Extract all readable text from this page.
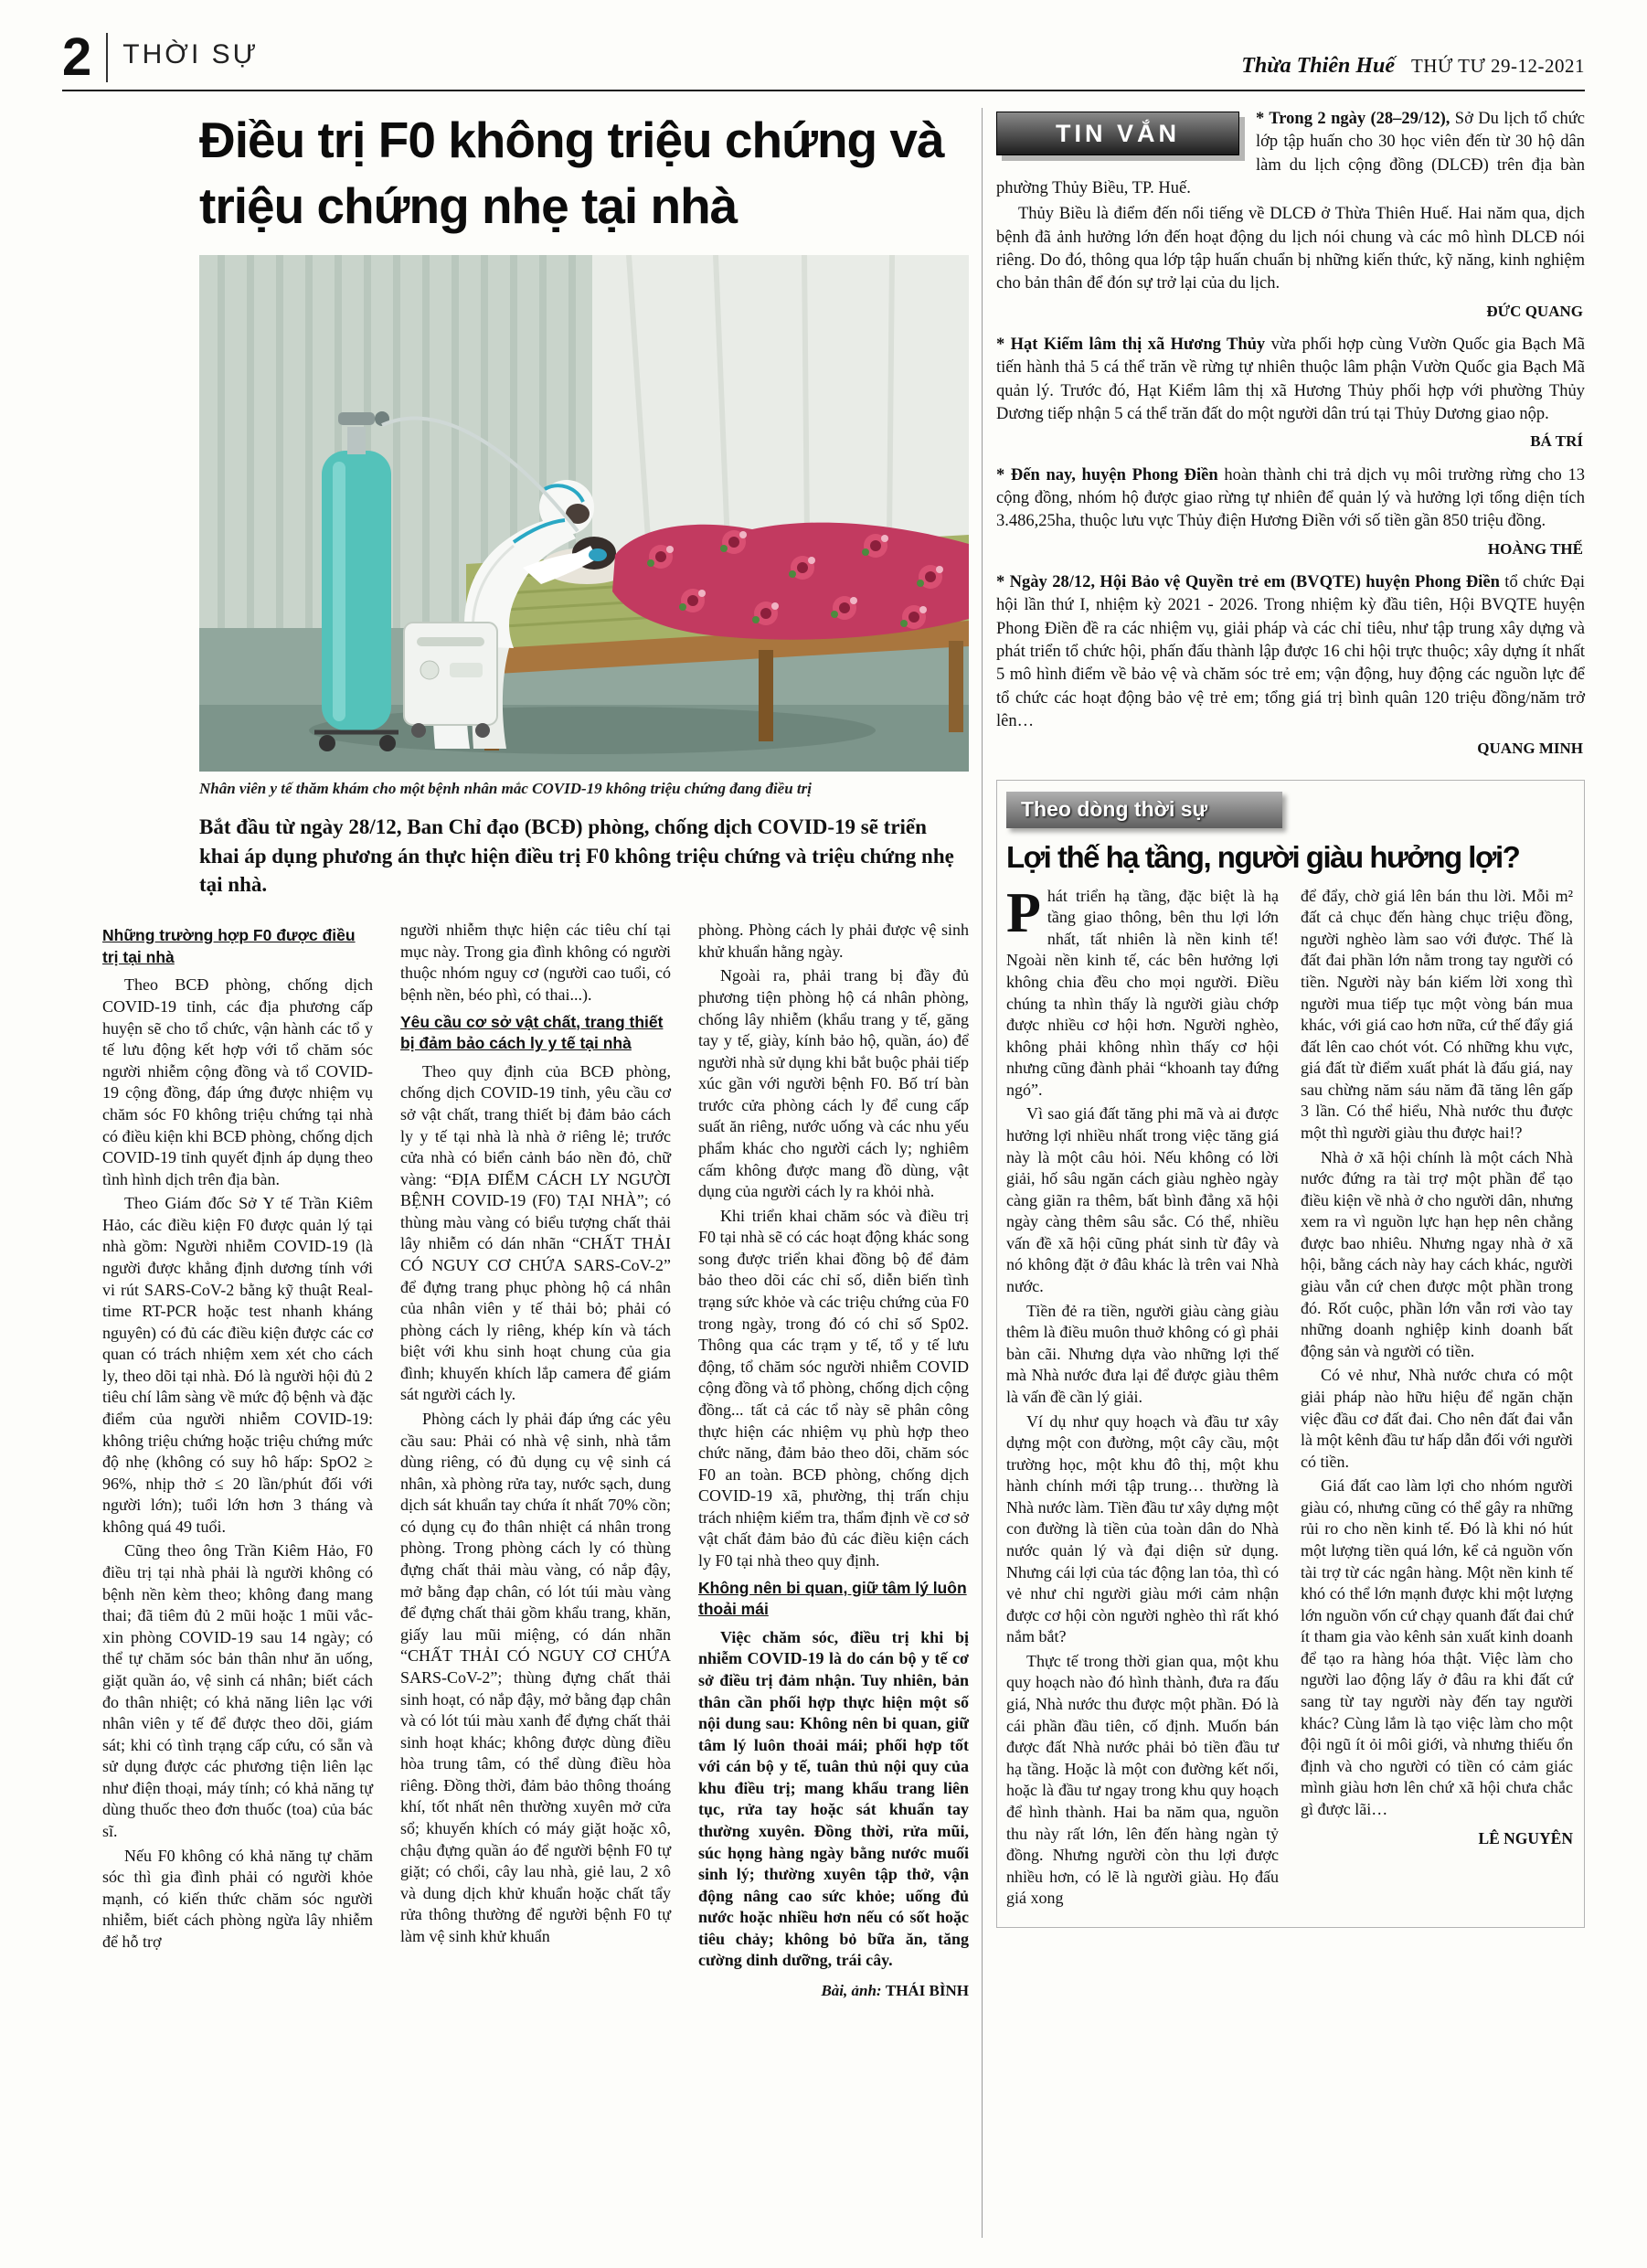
2 THỜI SỰ	Thừa Thiên Huế THỨ TƯ 29-12-2021
Điều trị F0 không triệu chứng và triệu chứng nhẹ tại nhà

Nhân viên y tế thăm khám cho một bệnh nhân mắc COVID-19 không triệu chứng đang điều trị

Bắt đầu từ ngày 28/12, Ban Chỉ đạo (BCĐ) phòng, chống dịch COVID-19 sẽ triển khai áp dụng phương án thực hiện điều trị F0 không triệu chứng và triệu chứng nhẹ tại nhà.

Những trường hợp F0 được điều trị tại nhà

Theo BCĐ phòng, chống dịch COVID-19 tỉnh, các địa phương cấp huyện sẽ cho tổ chức, vận hành các tổ y tế lưu động kết hợp với tổ chăm sóc người nhiễm cộng đồng và tổ COVID-19 cộng đồng, đáp ứng được nhiệm vụ chăm sóc F0 không triệu chứng tại nhà có điều kiện khi BCĐ phòng, chống dịch COVID-19 tỉnh quyết định áp dụng theo tình hình dịch trên địa bàn.

Theo Giám đốc Sở Y tế Trần Kiêm Hảo, các điều kiện F0 được quản lý tại nhà gồm: Người nhiễm COVID-19 (là người được khẳng định dương tính với vi rút SARS-CoV-2 bằng kỹ thuật Real-time RT-PCR hoặc test nhanh kháng nguyên) có đủ các điều kiện được các cơ quan có trách nhiệm xem xét cho cách ly, theo dõi tại nhà. Đó là người hội đủ 2 tiêu chí lâm sàng về mức độ bệnh và đặc điểm của người nhiễm COVID-19: không triệu chứng hoặc triệu chứng mức độ nhẹ (không có suy hô hấp: SpO2 ≥ 96%, nhịp thở ≤ 20 lần/phút đối với người lớn); tuổi lớn hơn 3 tháng và không quá 49 tuổi.

Cũng theo ông Trần Kiêm Hảo, F0 điều trị tại nhà phải là người không có bệnh nền kèm theo; không đang mang thai; đã tiêm đủ 2 mũi hoặc 1 mũi vắc-xin phòng COVID-19 sau 14 ngày; có thể tự chăm sóc bản thân như ăn uống, giặt quần áo, vệ sinh cá nhân; biết cách đo thân nhiệt; có khả năng liên lạc với nhân viên y tế để được theo dõi, giám sát; khi có tình trạng cấp cứu, có sẵn và sử dụng được các phương tiện liên lạc như điện thoại, máy tính; có khả năng tự dùng thuốc theo đơn thuốc (toa) của bác sĩ.

Nếu F0 không có khả năng tự chăm sóc thì gia đình phải có người khỏe mạnh, có kiến thức chăm sóc người nhiễm, biết cách phòng ngừa lây nhiễm để hỗ trợ

người nhiễm thực hiện các tiêu chí tại mục này. Trong gia đình không có người thuộc nhóm nguy cơ (người cao tuổi, có bệnh nền, béo phì, có thai...).

Yêu cầu cơ sở vật chất, trang thiết bị đảm bảo cách ly y tế tại nhà

Theo quy định của BCĐ phòng, chống dịch COVID-19 tỉnh, yêu cầu cơ sở vật chất, trang thiết bị đảm bảo cách ly y tế tại nhà là nhà ở riêng lẻ; trước cửa nhà có biển cảnh báo nền đỏ, chữ vàng: “ĐỊA ĐIỂM CÁCH LY NGƯỜI BỆNH COVID-19 (F0) TẠI NHÀ”; có thùng màu vàng có biểu tượng chất thải lây nhiễm có dán nhãn “CHẤT THẢI CÓ NGUY CƠ CHỨA SARS-CoV-2” để đựng trang phục phòng hộ cá nhân của nhân viên y tế thải bỏ; phải có phòng cách ly riêng, khép kín và tách biệt với khu sinh hoạt chung của gia đình; khuyến khích lắp camera để giám sát người cách ly.

Phòng cách ly phải đáp ứng các yêu cầu sau: Phải có nhà vệ sinh, nhà tắm dùng riêng, có đủ dụng cụ vệ sinh cá nhân, xà phòng rửa tay, nước sạch, dung dịch sát khuẩn tay chứa ít nhất 70% cồn; có dụng cụ đo thân nhiệt cá nhân trong phòng. Trong phòng cách ly có thùng đựng chất thải màu vàng, có nắp đậy, mở bằng đạp chân, có lót túi màu vàng để đựng chất thải gồm khẩu trang, khăn, giấy lau mũi miệng, có dán nhãn “CHẤT THẢI CÓ NGUY CƠ CHỨA SARS-CoV-2”; thùng đựng chất thải sinh hoạt, có nắp đậy, mở bằng đạp chân và có lót túi màu xanh để đựng chất thải sinh hoạt khác; không được dùng điều hòa trung tâm, có thể dùng điều hòa riêng. Đồng thời, đảm bảo thông thoáng khí, tốt nhất nên thường xuyên mở cửa sổ; khuyến khích có máy giặt hoặc xô, chậu đựng quần áo để người bệnh F0 tự giặt; có chổi, cây lau nhà, giẻ lau, 2 xô và dung dịch khử khuẩn hoặc chất tẩy rửa thông thường để người bệnh F0 tự làm vệ sinh khử khuẩn

phòng. Phòng cách ly phải được vệ sinh khử khuẩn hằng ngày.

Ngoài ra, phải trang bị đầy đủ phương tiện phòng hộ cá nhân phòng, chống lây nhiễm (khẩu trang y tế, găng tay y tế, giày, kính bảo hộ, quần, áo) để người nhà sử dụng khi bắt buộc phải tiếp xúc gần với người bệnh F0. Bố trí bàn trước cửa phòng cách ly để cung cấp suất ăn riêng, nước uống và các nhu yếu phẩm khác cho người cách ly; nghiêm cấm không được mang đồ dùng, vật dụng của người cách ly ra khỏi nhà.

Khi triển khai chăm sóc và điều trị F0 tại nhà sẽ có các hoạt động khác song song được triển khai đồng bộ để đảm bảo theo dõi các chỉ số, diễn biến tình trạng sức khỏe và các triệu chứng của F0 trong ngày, trong đó có chỉ số Sp02. Thông qua các trạm y tế, tổ y tế lưu động, tổ chăm sóc người nhiễm COVID cộng đồng và tổ phòng, chống dịch cộng đồng... tất cả các tổ này sẽ phân công thực hiện các nhiệm vụ phù hợp theo chức năng, đảm bảo theo dõi, chăm sóc F0 an toàn. BCĐ phòng, chống dịch COVID-19 xã, phường, thị trấn chịu trách nhiệm kiểm tra, thẩm định về cơ sở vật chất đảm bảo đủ các điều kiện cách ly F0 tại nhà theo quy định.

Không nên bi quan, giữ tâm lý luôn thoải mái

Việc chăm sóc, điều trị khi bị nhiễm COVID-19 là do cán bộ y tế cơ sở điều trị đảm nhận. Tuy nhiên, bản thân cần phối hợp thực hiện một số nội dung sau: Không nên bi quan, giữ tâm lý luôn thoải mái; phối hợp tốt với cán bộ y tế, tuân thủ nội quy của khu điều trị; mang khẩu trang liên tục, rửa tay hoặc sát khuẩn tay thường xuyên. Đồng thời, rửa mũi, súc họng hàng ngày bằng nước muối sinh lý; thường xuyên tập thở, vận động nâng cao sức khỏe; uống đủ nước hoặc nhiều hơn nếu có sốt hoặc tiêu chảy; không bỏ bữa ăn, tăng cường dinh dưỡng, trái cây.

Bài, ảnh: THÁI BÌNH

TIN VẮN

* Trong 2 ngày (28–29/12), Sở Du lịch tổ chức lớp tập huấn cho 30 học viên đến từ 30 hộ dân làm du lịch cộng đồng (DLCĐ) trên địa bàn phường Thủy Biều, TP. Huế.

Thủy Biều là điểm đến nổi tiếng về DLCĐ ở Thừa Thiên Huế. Hai năm qua, dịch bệnh đã ảnh hưởng lớn đến hoạt động du lịch nói chung và các mô hình DLCĐ nói riêng. Do đó, thông qua lớp tập huấn chuẩn bị những kiến thức, kỹ năng, kinh nghiệm cho bản thân để đón sự trở lại của du lịch.

ĐỨC QUANG

* Hạt Kiểm lâm thị xã Hương Thủy vừa phối hợp cùng Vườn Quốc gia Bạch Mã tiến hành thả 5 cá thể trăn về rừng tự nhiên thuộc lâm phận Vườn Quốc gia Bạch Mã quản lý. Trước đó, Hạt Kiểm lâm thị xã Hương Thủy phối hợp với phường Thủy Dương tiếp nhận 5 cá thể trăn đất do một người dân trú tại Thủy Dương giao nộp.

BÁ TRÍ

* Đến nay, huyện Phong Điền hoàn thành chi trả dịch vụ môi trường rừng cho 13 cộng đồng, nhóm hộ được giao rừng tự nhiên để quản lý và hưởng lợi tổng diện tích 3.486,25ha, thuộc lưu vực Thủy điện Hương Điền với số tiền gần 850 triệu đồng.

HOÀNG THẾ

* Ngày 28/12, Hội Bảo vệ Quyền trẻ em (BVQTE) huyện Phong Điền tổ chức Đại hội lần thứ I, nhiệm kỳ 2021 - 2026. Trong nhiệm kỳ đầu tiên, Hội BVQTE huyện Phong Điền đề ra các nhiệm vụ, giải pháp và các chỉ tiêu, như tập trung xây dựng và phát triển tổ chức hội, phấn đấu thành lập được 16 chi hội trực thuộc; xây dựng ít nhất 5 mô hình điểm về bảo vệ và chăm sóc trẻ em; vận động, huy động các nguồn lực để tổ chức các hoạt động bảo vệ trẻ em; tổng giá trị bình quân 120 triệu đồng/năm trở lên…

QUANG MINH
Theo dòng thời sự
Lợi thế hạ tầng, người giàu hưởng lợi?

Phát triển hạ tầng, đặc biệt là hạ tầng giao thông, bên thu lợi lớn nhất, tất nhiên là nền kinh tế! Ngoài nền kinh tế, các bên hưởng lợi không chia đều cho mọi người. Điều chúng ta nhìn thấy là người giàu chớp được nhiều cơ hội hơn. Người nghèo, không phải không nhìn thấy cơ hội nhưng cũng đành phải “khoanh tay đứng ngó”.

Vì sao giá đất tăng phi mã và ai được hưởng lợi nhiều nhất trong việc tăng giá này là một câu hỏi. Nếu không có lời giải, hố sâu ngăn cách giàu nghèo ngày càng giãn ra thêm, bất bình đẳng xã hội ngày càng thêm sâu sắc. Có thể, nhiều vấn đề xã hội cũng phát sinh từ đây và nó không đặt ở đâu khác là trên vai Nhà nước.

Tiền đẻ ra tiền, người giàu càng giàu thêm là điều muôn thuở không có gì phải bàn cãi. Nhưng dựa vào những lợi thế mà Nhà nước đưa lại để được giàu thêm là vấn đề cần lý giải.

Ví dụ như quy hoạch và đầu tư xây dựng một con đường, một cây cầu, một trường học, một khu đô thị, một khu hành chính mới tập trung… thường là Nhà nước làm. Tiền đầu tư xây dựng một con đường là tiền của toàn dân do Nhà nước quản lý và đại diện sử dụng. Nhưng cái lợi của tác động lan tỏa, thì có vẻ như chỉ người giàu mới cảm nhận được cơ hội còn người nghèo thì rất khó nắm bắt?

Thực tế trong thời gian qua, một khu quy hoạch nào đó hình thành, đưa ra đấu giá, Nhà nước thu được một phần. Đó là cái phần đầu tiên, cố định. Muốn bán được đất Nhà nước phải bỏ tiền đầu tư hạ tầng. Hoặc là một con đường kết nối, hoặc là đầu tư ngay trong khu quy hoạch để hình thành. Hai ba năm qua, nguồn thu này rất lớn, lên đến hàng ngàn tỷ đồng. Nhưng người còn thu lợi được nhiều hơn, có lẽ là người giàu. Họ đấu giá xong

để đẩy, chờ giá lên bán thu lời. Mỗi m² đất cả chục đến hàng chục triệu đồng, người nghèo làm sao với được. Thế là đất đai phần lớn nằm trong tay người có tiền. Người này bán kiếm lời xong thì người mua tiếp tục một vòng bán mua khác, với giá cao hơn nữa, cứ thế đẩy giá đất lên cao chót vót. Có những khu vực, giá đất từ điểm xuất phát là đấu giá, nay sau chừng năm sáu năm đã tăng lên gấp 3 lần. Có thể hiểu, Nhà nước thu được một thì người giàu thu được hai!?

Nhà ở xã hội chính là một cách Nhà nước đứng ra tài trợ một phần để tạo điều kiện về nhà ở cho người dân, nhưng xem ra vì nguồn lực hạn hẹp nên chẳng được bao nhiêu. Nhưng ngay nhà ở xã hội, bằng cách này hay cách khác, người giàu vẫn cứ chen được một phần trong đó. Rốt cuộc, phần lớn vẫn rơi vào tay những doanh nghiệp kinh doanh bất động sản và người có tiền.

Có vẻ như, Nhà nước chưa có một giải pháp nào hữu hiệu để ngăn chặn việc đầu cơ đất đai. Cho nên đất đai vẫn là một kênh đầu tư hấp dẫn đối với người có tiền.

Giá đất cao làm lợi cho nhóm người giàu có, nhưng cũng có thể gây ra những rủi ro cho nền kinh tế. Đó là khi nó hút một lượng tiền quá lớn, kể cả nguồn vốn tài trợ từ các ngân hàng. Một nền kinh tế khó có thể lớn mạnh được khi một lượng lớn nguồn vốn cứ chạy quanh đất đai chứ ít tham gia vào kênh sản xuất kinh doanh để tạo ra hàng hóa thật. Việc làm cho người lao động lấy ở đâu ra khi đất cứ sang từ tay người này đến tay người khác? Cùng lắm là tạo việc làm cho một đội ngũ ít ỏi môi giới, và nhưng thiếu ổn định và cho người có tiền có cảm giác mình giàu hơn lên chứ xã hội chưa chắc gì được lãi…

LÊ NGUYÊN
